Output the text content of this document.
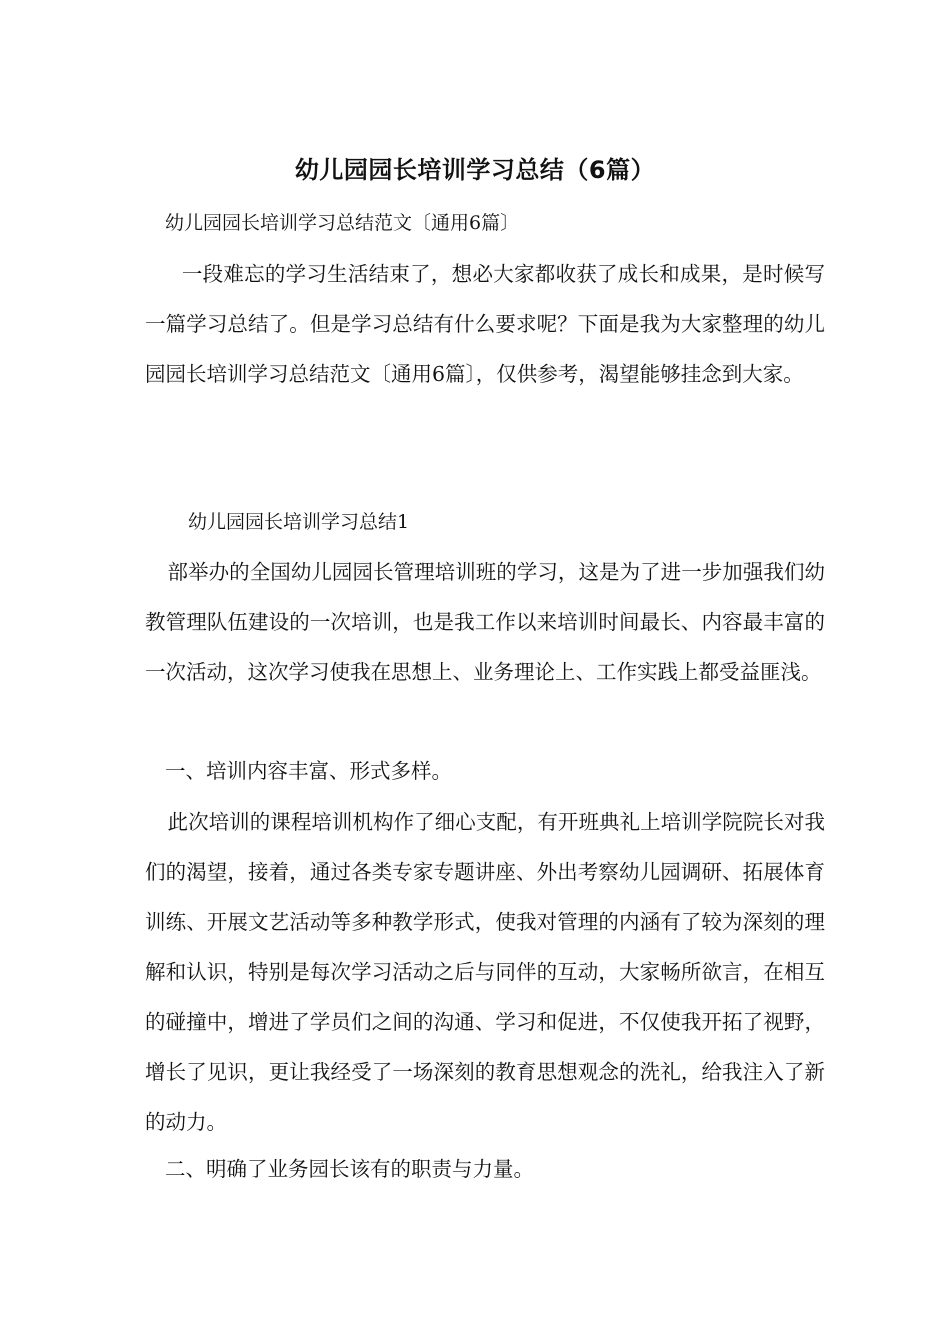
幼儿园园长培训学习总结（6篇）
幼儿园园长培训学习总结范文〔通用6篇〕

一段难忘的学习生活结束了，想必大家都收获了成长和成果，是时候写一篇学习总结了。但是学习总结有什么要求呢？下面是我为大家整理的幼儿园园长培训学习总结范文〔通用6篇〕，仅供参考，渴望能够挂念到大家。

幼儿园园长培训学习总结1

部举办的全国幼儿园园长管理培训班的学习，这是为了进一步加强我们幼教管理队伍建设的一次培训，也是我工作以来培训时间最长、内容最丰富的一次活动，这次学习使我在思想上、业务理论上、工作实践上都受益匪浅。

一、培训内容丰富、形式多样。

此次培训的课程培训机构作了细心支配，有开班典礼上培训学院院长对我们的渴望，接着，通过各类专家专题讲座、外出考察幼儿园调研、拓展体育训练、开展文艺活动等多种教学形式，使我对管理的内涵有了较为深刻的理解和认识，特别是每次学习活动之后与同伴的互动，大家畅所欲言，在相互的碰撞中，增进了学员们之间的沟通、学习和促进，不仅使我开拓了视野，增长了见识，更让我经受了一场深刻的教育思想观念的洗礼，给我注入了新的动力。

二、明确了业务园长该有的职责与力量。
